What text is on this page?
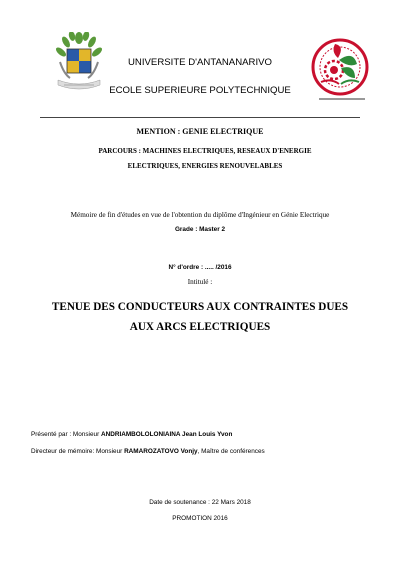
UNIVERSITE D'ANTANANARIVO
ECOLE SUPERIEURE POLYTECHNIQUE
MENTION : GENIE ELECTRIQUE
PARCOURS : MACHINES ELECTRIQUES, RESEAUX D'ENERGIE ELECTRIQUES, ENERGIES RENOUVELABLES
Mémoire de fin d'études en vue de l'obtention du diplôme d'Ingénieur en Génie Electrique
Grade : Master 2
N° d'ordre : ..... /2016
Intitulé :
TENUE DES CONDUCTEURS AUX CONTRAINTES DUES AUX ARCS ELECTRIQUES
Présenté par : Monsieur ANDRIAMBOLOLONIAINA Jean Louis Yvon
Directeur de mémoire: Monsieur RAMAROZATOVO Vonjy, Maître de conférences
Date de soutenance : 22 Mars 2018
PROMOTION 2016
